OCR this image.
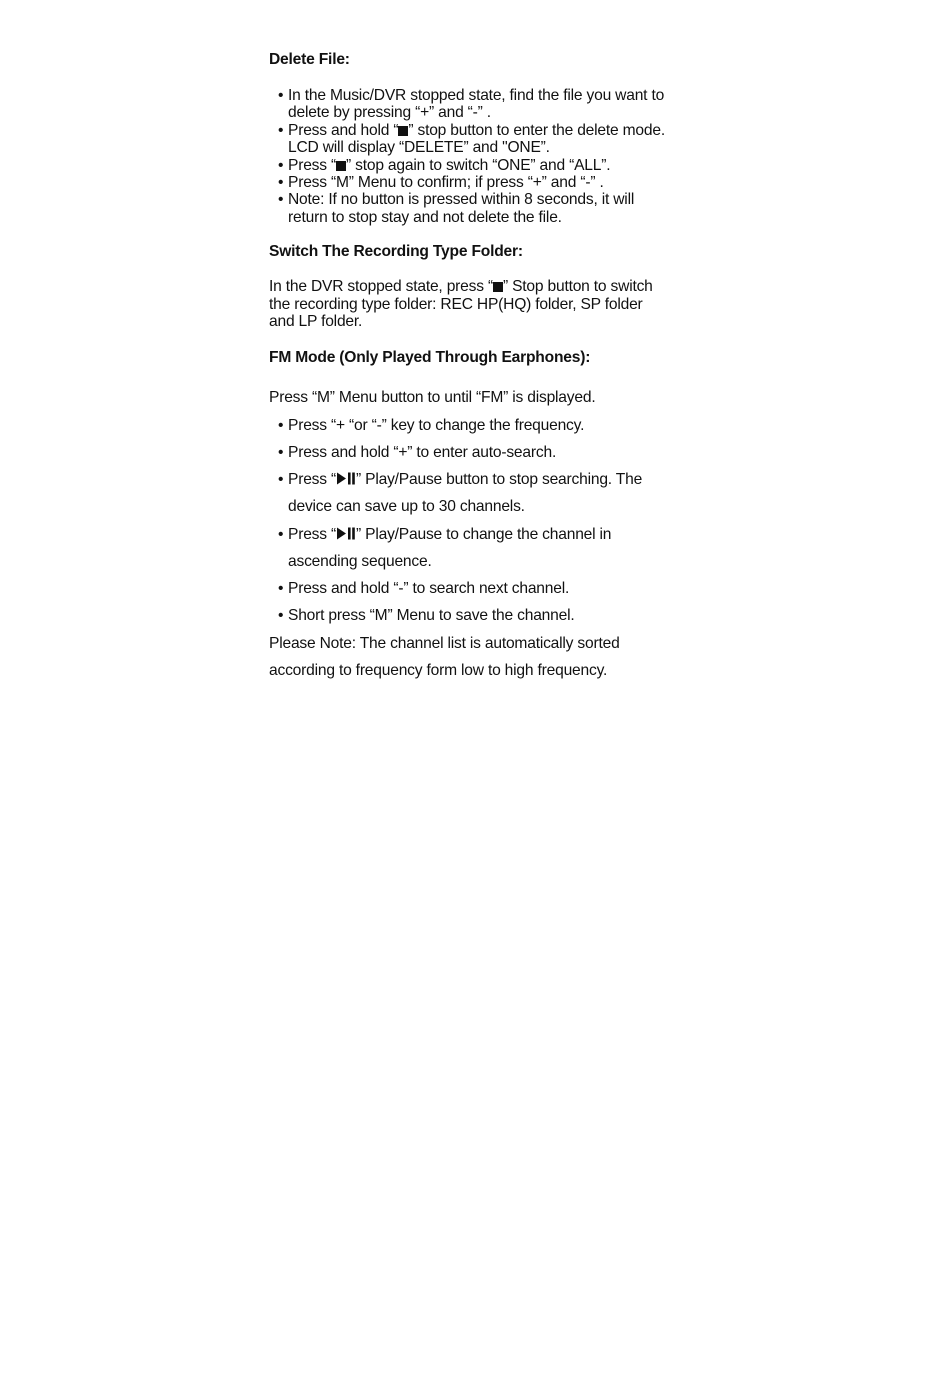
Delete File:
• In the Music/DVR stopped state, find the file you want to delete by pressing “+” and “-” .
• Press and hold “ ” stop button to enter the delete mode. LCD will display “DELETE” and "ONE”.
• Press “ ” stop again to switch “ONE” and “ALL”.
• Press “M” Menu to confirm; if press “+” and “-” .
• Note: If no button is pressed within 8 seconds, it will return to stop stay and not delete the file.
Switch The Recording Type Folder:

In the DVR stopped state, press “ ” Stop button to switch the recording type folder: REC HP(HQ) folder, SP folder and LP folder.

FM Mode (Only Played Through Earphones):

Press “M” Menu button to until “FM” is displayed.

• Press “+ “or “-” key to change the frequency.
• Press and hold “+” to enter auto-search.
• Press “ ” Play/Pause button to stop searching. The device can save up to 30 channels.
• Press “ ” Play/Pause to change the channel in ascending sequence.
• Press and hold “-” to search next channel.
• Short press “M” Menu to save the channel.

Please Note: The channel list is automatically sorted according to frequency form low to high frequency.
